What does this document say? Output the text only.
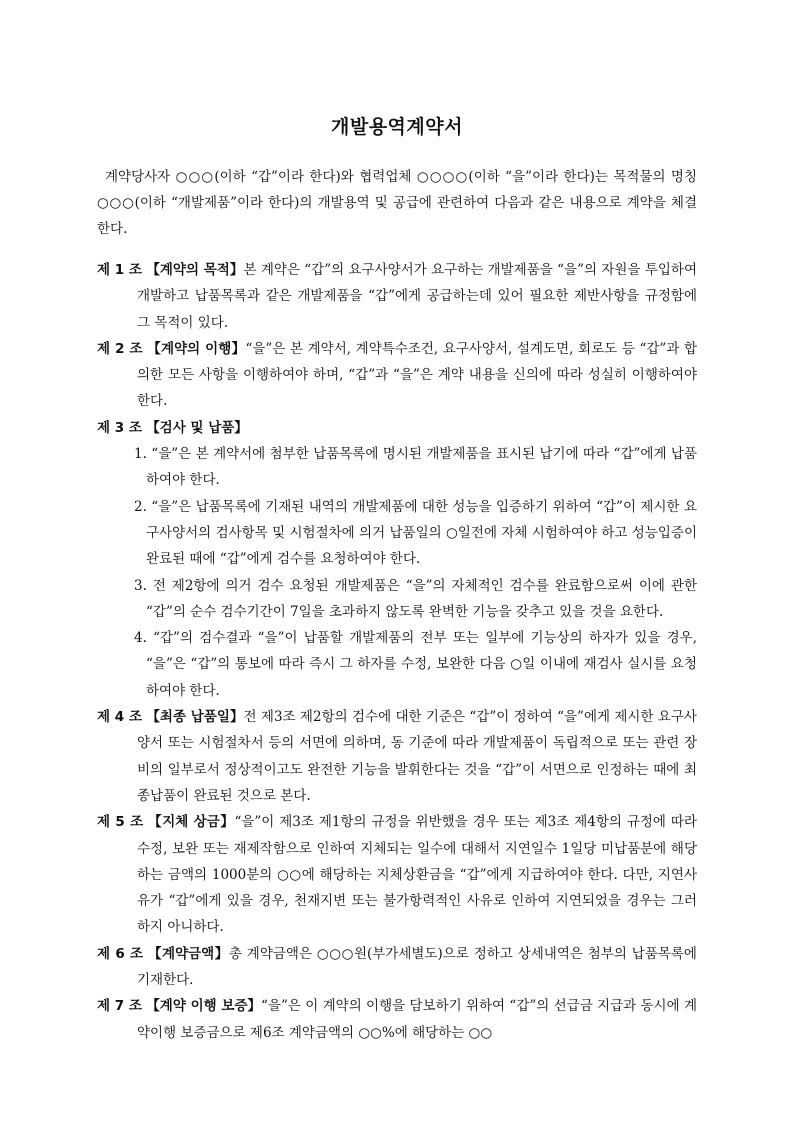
개발용역계약서
계약당사자 ○○○(이하 “갑”이라 한다)와 협력업체 ○○○○(이하 “을”이라 한다)는 목적물의 명칭 ○○○(이하 “개발제품”이라 한다)의 개발용역 및 공급에 관련하여 다음과 같은 내용으로 계약을 체결한다.
제 1 조 【계약의 목적】본 계약은 “갑”의 요구사양서가 요구하는 개발제품을 “을”의 자원을 투입하여 개발하고 납품목록과 같은 개발제품을 “갑”에게 공급하는데 있어 필요한 제반사항을 규정함에 그 목적이 있다.
제 2 조 【계약의 이행】“을”은 본 계약서, 계약특수조건, 요구사양서, 설계도면, 회로도 등 “갑”과 합의한 모든 사항을 이행하여야 하며, “갑”과 “을”은 계약 내용을 신의에 따라 성실히 이행하여야 한다.
제 3 조 【검사 및 납품】
1. “을”은 본 계약서에 첨부한 납품목록에 명시된 개발제품을 표시된 납기에 따라 “갑”에게 납품하여야 한다.
2. “을”은 납품목록에 기재된 내역의 개발제품에 대한 성능을 입증하기 위하여 “갑”이 제시한 요구사양서의 검사항목 및 시험절차에 의거 납품일의 ○일전에 자체 시험하여야 하고 성능입증이 완료된 때에 “갑”에게 검수를 요청하여야 한다.
3. 전 제2항에 의거 검수 요청된 개발제품은 “을”의 자체적인 검수를 완료함으로써 이에 관한 “갑”의 순수 검수기간이 7일을 초과하지 않도록 완벽한 기능을 갖추고 있을 것을 요한다.
4. “갑”의 검수결과 “을”이 납품할 개발제품의 전부 또는 일부에 기능상의 하자가 있을 경우, “을”은 “갑”의 통보에 따라 즉시 그 하자를 수정, 보완한 다음 ○일 이내에 재검사 실시를 요청하여야 한다.
제 4 조 【최종 납품일】전 제3조 제2항의 검수에 대한 기준은 “갑”이 정하여 “을”에게 제시한 요구사양서 또는 시험절차서 등의 서면에 의하며, 동 기준에 따라 개발제품이 독립적으로 또는 관련 장비의 일부로서 정상적이고도 완전한 기능을 발휘한다는 것을 “갑”이 서면으로 인정하는 때에 최종납품이 완료된 것으로 본다.
제 5 조 【지체 상금】“을”이 제3조 제1항의 규정을 위반했을 경우 또는 제3조 제4항의 규정에 따라 수정, 보완 또는 재제작함으로 인하여 지체되는 일수에 대해서 지연일수 1일당 미납품분에 해당하는 금액의 1000분의 ○○에 해당하는 지체상환금을 “갑”에게 지급하여야 한다. 다만, 지연사유가 “갑”에게 있을 경우, 천재지변 또는 불가항력적인 사유로 인하여 지연되었을 경우는 그러하지 아니하다.
제 6 조 【계약금액】총 계약금액은 ○○○원(부가세별도)으로 정하고 상세내역은 첨부의 납품목록에 기재한다.
제 7 조 【계약 이행 보증】“을”은 이 계약의 이행을 담보하기 위하여 “갑”의 선급금 지급과 동시에 계약이행 보증금으로 제6조 계약금액의 ○○%에 해당하는 ○○
